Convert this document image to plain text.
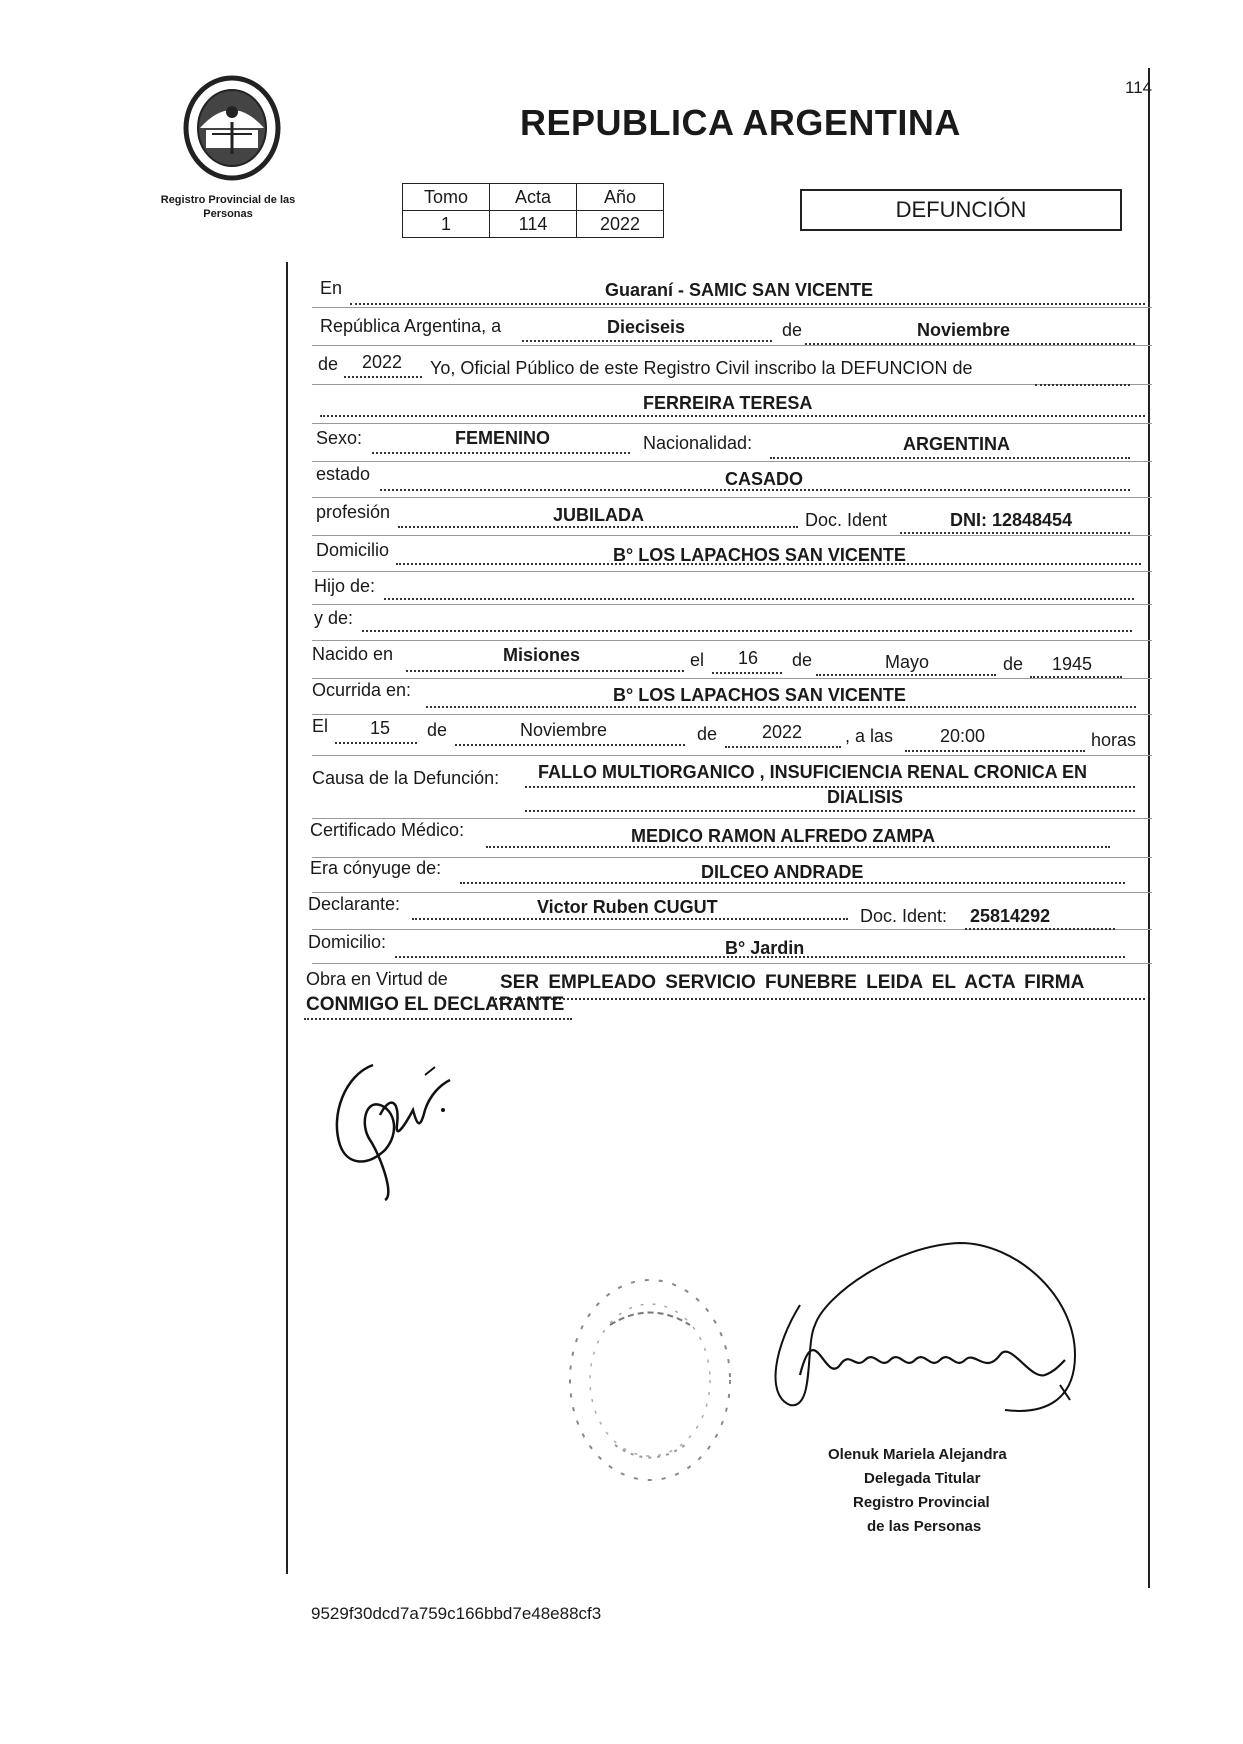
Registro Provincial de las Personas
REPUBLICA ARGENTINA
114
Tomo	Acta	Año
1	114	2022
DEFUNCIÓN
En	Guaraní - SAMIC SAN VICENTE
República Argentina, a	Dieciseis	de	Noviembre
de 2022 Yo, Oficial Público de este Registro Civil inscribo la DEFUNCION de
FERREIRA TERESA
Sexo:	FEMENINO	Nacionalidad:	ARGENTINA
estado	CASADO
profesión	JUBILADA	Doc. Ident	DNI: 12848454
Domicilio	B° LOS LAPACHOS SAN VICENTE
Hijo de:
y de:
Nacido en	Misiones	el 16 de	Mayo	de 1945
Ocurrida en:	B° LOS LAPACHOS SAN VICENTE
El 15 de	Noviembre	de 2022 , a las	20:00	horas
Causa de la Defunción: FALLO MULTIORGANICO , INSUFICIENCIA RENAL CRONICA EN
DIALISIS
Certificado Médico:	MEDICO RAMON ALFREDO ZAMPA
Era cónyuge de:	DILCEO ANDRADE
Declarante:	Victor Ruben CUGUT	Doc. Ident: 25814292
Domicilio:	B° Jardin
Obra en Virtud de	SER EMPLEADO SERVICIO FUNEBRE LEIDA EL ACTA FIRMA
CONMIGO EL DECLARANTE
Olenuk Mariela Alejandra
Delegada Titular
Registro Provincial
de las Personas
9529f30dcd7a759c166bbd7e48e88cf3
